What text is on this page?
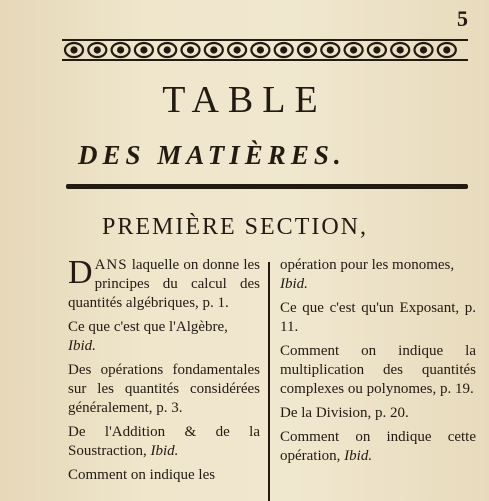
5
TABLE
DES MATIÈRES.
PREMIÈRE SECTION,

DANS laquelle on donne les principes du calcul des quantités algébriques, p. 1.

Ce que c'est que l'Algèbre,
Ibid.

Des opérations fondamentales sur les quantités considérées généralement, p. 3.

De l'Addition & de la Soustraction, Ibid.

Comment on indique les

opération pour les monomes,
Ibid.

Ce que c'est qu'un Exposant, p. 11.

Comment on indique la multiplication des quantités complexes ou polynomes, p. 19.

De la Division, p. 20.

Comment on indique cette opération, Ibid.
